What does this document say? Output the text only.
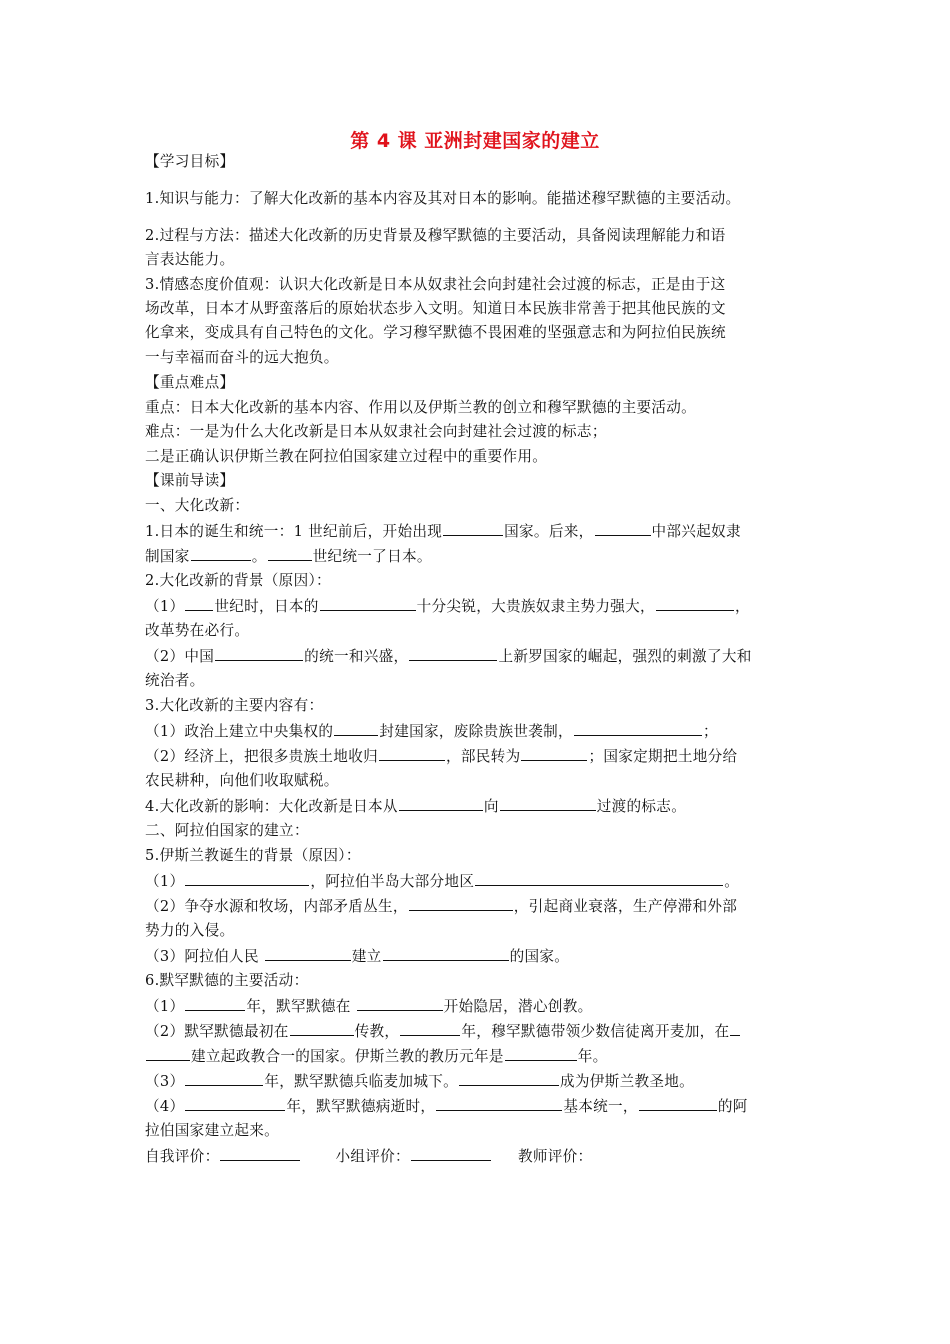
第 4 课 亚洲封建国家的建立
【学习目标】
1.知识与能力：了解大化改新的基本内容及其对日本的影响。能描述穆罕默德的主要活动。
2.过程与方法：描述大化改新的历史背景及穆罕默德的主要活动，具备阅读理解能力和语
言表达能力。
3.情感态度价值观：认识大化改新是日本从奴隶社会向封建社会过渡的标志，正是由于这
场改革，日本才从野蛮落后的原始状态步入文明。知道日本民族非常善于把其他民族的文
化拿来，变成具有自己特色的文化。学习穆罕默德不畏困难的坚强意志和为阿拉伯民族统
一与幸福而奋斗的远大抱负。
【重点难点】
重点：日本大化改新的基本内容、作用以及伊斯兰教的创立和穆罕默德的主要活动。
难点：一是为什么大化改新是日本从奴隶社会向封建社会过渡的标志；
二是正确认识伊斯兰教在阿拉伯国家建立过程中的重要作用。
【课前导读】
一、大化改新：
1.日本的诞生和统一：1 世纪前后，开始出现	国家。后来，	中部兴起奴隶
制国家	。	世纪统一了日本。
2.大化改新的背景（原因）：
（1） 世纪时，日本的	十分尖锐，大贵族奴隶主势力强大，	，
改革势在必行。
（2）中国	的统一和兴盛，	上新罗国家的崛起，强烈的刺激了大和
统治者。
3.大化改新的主要内容有：
（1）政治上建立中央集权的	封建国家，废除贵族世袭制，	；
（2）经济上，把很多贵族土地收归	，部民转为	；国家定期把土地分给
农民耕种，向他们收取赋税。
4.大化改新的影响：大化改新是日本从	向	过渡的标志。
二、阿拉伯国家的建立：
5.伊斯兰教诞生的背景（原因）：
（1）	，阿拉伯半岛大部分地区	。
（2）争夺水源和牧场，内部矛盾丛生，	，引起商业衰落，生产停滞和外部
势力的入侵。
（3）阿拉伯人民	建立	的国家。
6.默罕默德的主要活动：
（1）	年，默罕默德在	开始隐居，潜心创教。
（2）默罕默德最初在	传教，	年，穆罕默德带领少数信徒离开麦加，在
建立起政教合一的国家。伊斯兰教的教历元年是	年。
（3）	年，默罕默德兵临麦加城下。	成为伊斯兰教圣地。
（4）	年，默罕默德病逝时，	基本统一，	的阿
拉伯国家建立起来。
自我评价：	小组评价：	教师评价：
